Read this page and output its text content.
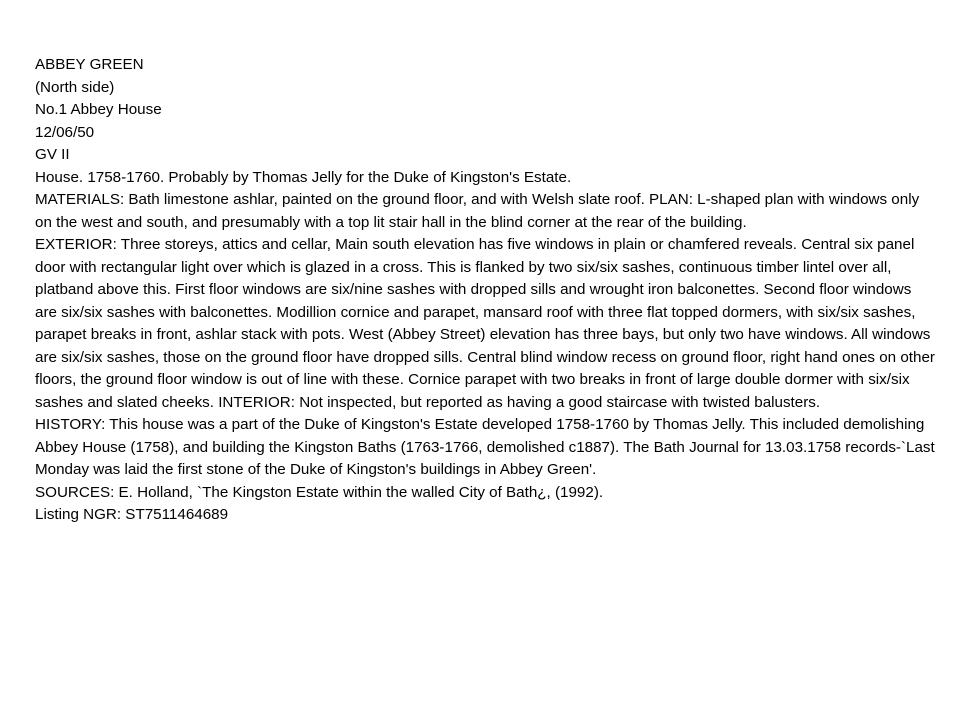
ABBEY GREEN
(North side)
No.1 Abbey House
12/06/50
GV II
House. 1758-1760. Probably by Thomas Jelly for the Duke of Kingston's Estate.
MATERIALS: Bath limestone ashlar, painted on the ground floor, and with Welsh slate roof. PLAN: L-shaped plan with windows only on the west and south, and presumably with a top lit stair hall in the blind corner at the rear of the building.
EXTERIOR: Three storeys, attics and cellar, Main south elevation has five windows in plain or chamfered reveals. Central six panel door with rectangular light over which is glazed in a cross. This is flanked by two six/six sashes, continuous timber lintel over all, platband above this. First floor windows are six/nine sashes with dropped sills and wrought iron balconettes. Second floor windows are six/six sashes with balconettes. Modillion cornice and parapet, mansard roof with three flat topped dormers, with six/six sashes, parapet breaks in front, ashlar stack with pots. West (Abbey Street) elevation has three bays, but only two have windows. All windows are six/six sashes, those on the ground floor have dropped sills. Central blind window recess on ground floor, right hand ones on other floors, the ground floor window is out of line with these. Cornice parapet with two breaks in front of large double dormer with six/six sashes and slated cheeks. INTERIOR: Not inspected, but reported as having a good staircase with twisted balusters.
HISTORY: This house was a part of the Duke of Kingston's Estate developed 1758-1760 by Thomas Jelly. This included demolishing Abbey House (1758), and building the Kingston Baths (1763-1766, demolished c1887). The Bath Journal for 13.03.1758 records-`Last Monday was laid the first stone of the Duke of Kingston's buildings in Abbey Green'.
SOURCES: E. Holland, `The Kingston Estate within the walled City of Bath¿, (1992).
Listing NGR: ST7511464689
